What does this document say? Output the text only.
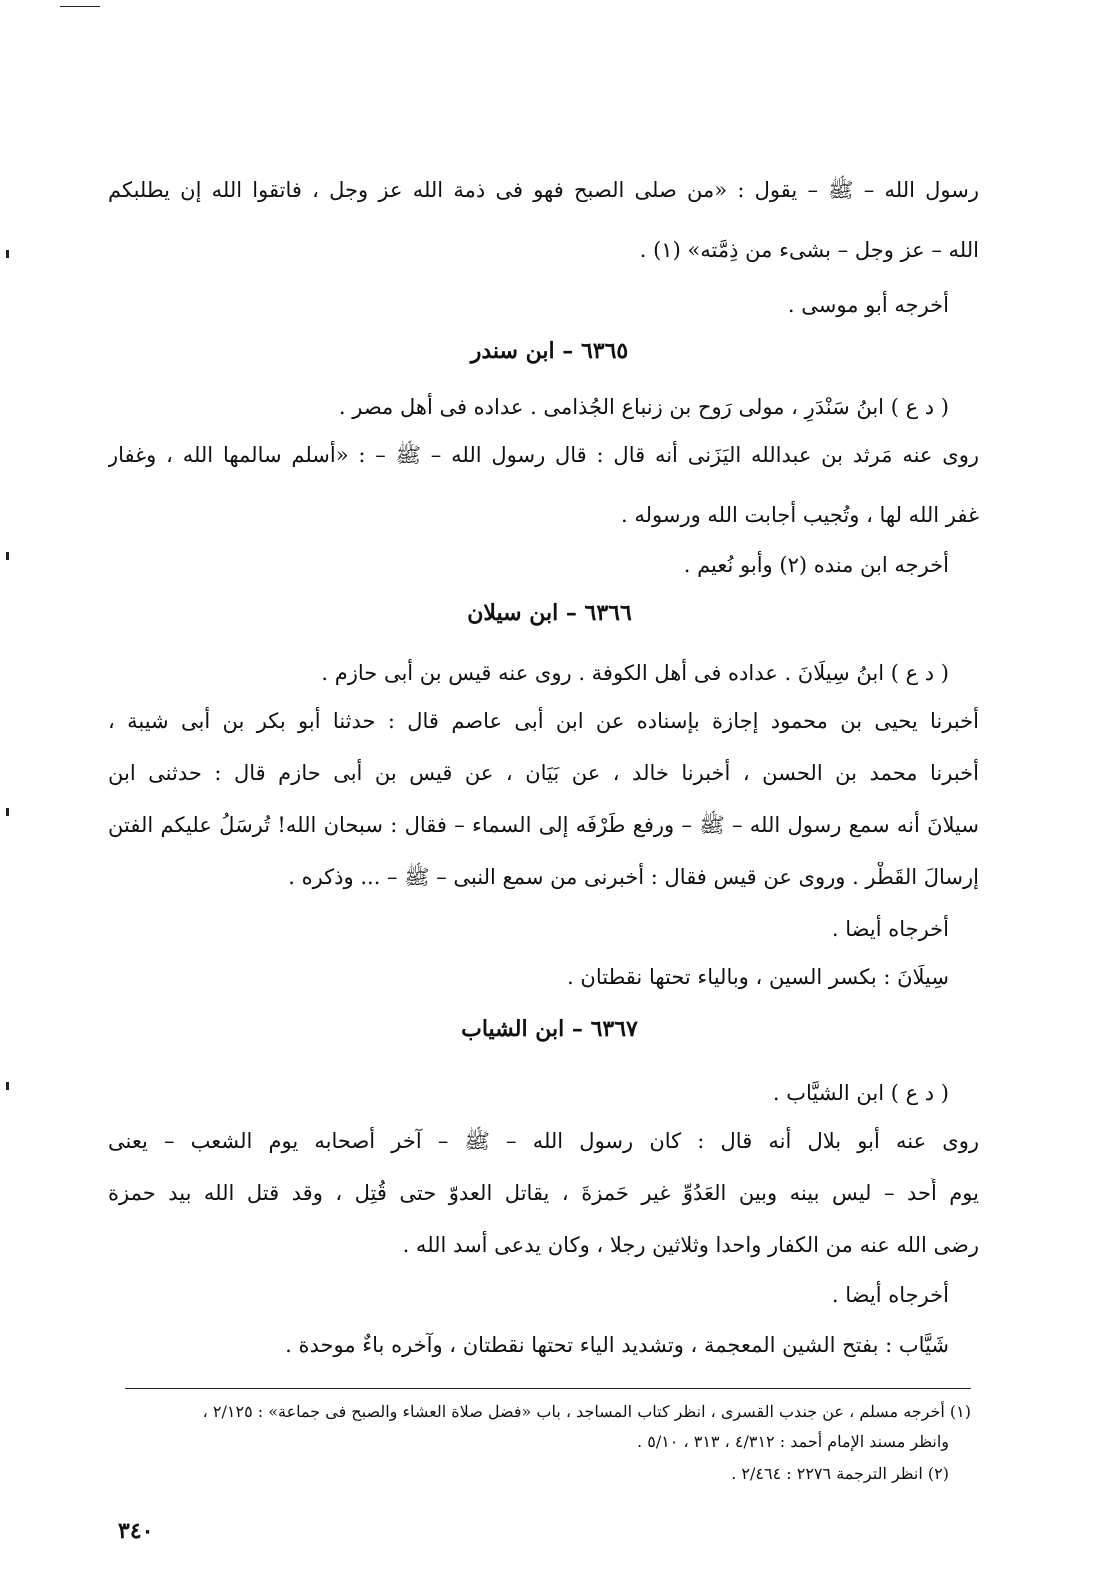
رسول الله – ﷺ – يقول : «من صلى الصبح فهو فى ذمة الله عز وجل ، فاتقوا الله إن يطلبكم
الله – عز وجل – بشىء من ذِمَّته» (١) .
أخرجه أبو موسى .
٦٣٦٥ – ابن سندر
( د ع ) ابنُ سَنْدَرٍ ، مولى رَوح بن زنباع الجُذامى . عداده فى أهل مصر .
روى عنه مَرثد بن عبدالله اليَزَنى أنه قال : قال رسول الله – ﷺ – : «أسلم سالمها الله ، وغفار
غفر الله لها ، وتُجيب أجابت الله ورسوله .
أخرجه ابن منده (٢) وأبو نُعيم .
٦٣٦٦ – ابن سيلان
( د ع ) ابنُ سِيلَانَ . عداده فى أهل الكوفة . روى عنه قيس بن أبى حازم .
أخبرنا يحيى بن محمود إجازة بإسناده عن ابن أبى عاصم قال : حدثنا أبو بكر بن أبى شيبة ،
أخبرنا محمد بن الحسن ، أخبرنا خالد ، عن بَيَان ، عن قيس بن أبى حازم قال : حدثنى ابن
سيلانَ أنه سمع رسول الله – ﷺ – ورفع طَرْفَه إلى السماء – فقال : سبحان الله! تُرسَلُ عليكم الفتن
إرسالَ القَطْر . وروى عن قيس فقال : أخبرنى من سمع النبى – ﷺ – ... وذكره .
أخرجاه أيضا .
سِيلَانَ : بكسر السين ، وبالياء تحتها نقطتان .
٦٣٦٧ – ابن الشياب
( د ع ) ابن الشيَّاب .
روى عنه أبو بلال أنه قال : كان رسول الله – ﷺ – آخر أصحابه يوم الشعب – يعنى
يوم أُحد – ليس بينه وبين العَدُوِّ غير حَمزةَ ، يقاتل العدوّ حتى قُتِل ، وقد قتل الله بيد حمزة
رضى الله عنه من الكفار واحدا وثلاثين رجلا ، وكان يدعى أسد الله .
أخرجاه أيضا .
شَيَّاب : بفتح الشين المعجمة ، وتشديد الياء تحتها نقطتان ، وآخره باءٌ موحدة .
(١) أخرجه مسلم ، عن جندب القسرى ، انظر كتاب المساجد ، باب «فضل صلاة العشاء والصبح فى جماعة» : ٢/١٢٥ ،
وانظر مسند الإمام أحمد : ٤/٣١٢ ، ٣١٣ ، ٥/١٠ .
(٢) انظر الترجمة ٢٢٧٦ : ٢/٤٦٤ .
٣٤٠
